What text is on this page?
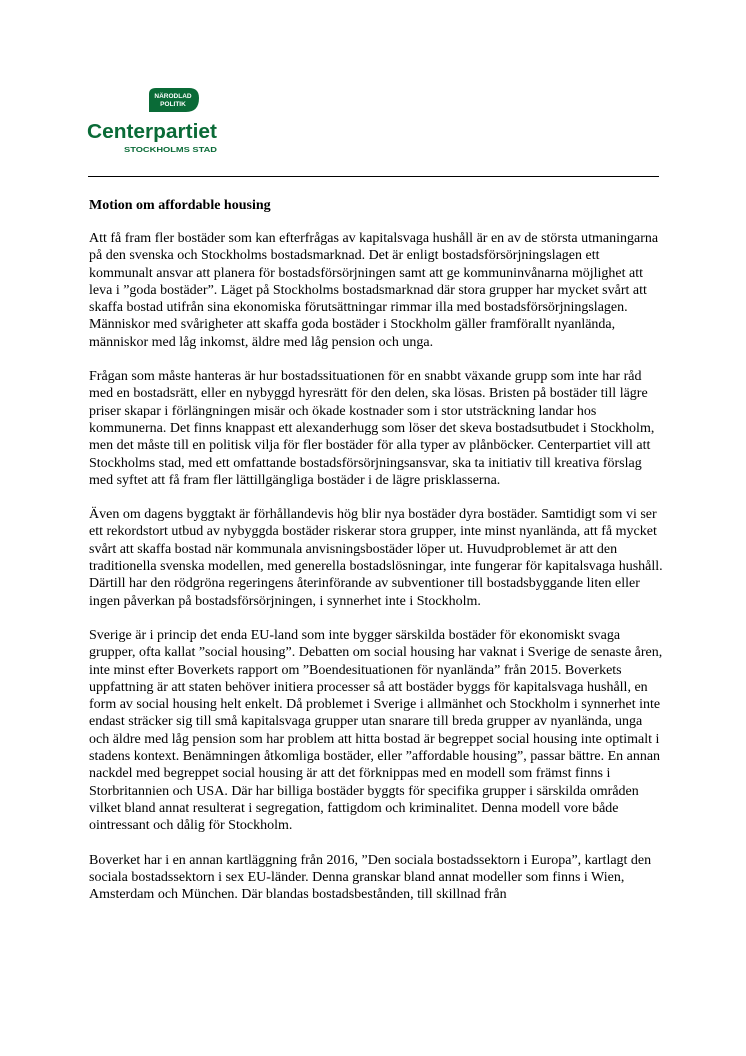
NÄRODLAD
POLITIK
Centerpartiet
STOCKHOLMS STAD
Motion om affordable housing

Att få fram fler bostäder som kan efterfrågas av kapitalsvaga hushåll är en av de största utmaningarna på den svenska och Stockholms bostadsmarknad. Det är enligt bostadsförsörjningslagen ett kommunalt ansvar att planera för bostadsförsörjningen samt att ge kommuninvånarna möjlighet att leva i ”goda bostäder”. Läget på Stockholms bostadsmarknad där stora grupper har mycket svårt att skaffa bostad utifrån sina ekonomiska förutsättningar rimmar illa med bostadsförsörjningslagen. Människor med svårigheter att skaffa goda bostäder i Stockholm gäller framförallt nyanlända, människor med låg inkomst, äldre med låg pension och unga.

Frågan som måste hanteras är hur bostadssituationen för en snabbt växande grupp som inte har råd med en bostadsrätt, eller en nybyggd hyresrätt för den delen, ska lösas. Bristen på bostäder till lägre priser skapar i förlängningen misär och ökade kostnader som i stor utsträckning landar hos kommunerna. Det finns knappast ett alexanderhugg som löser det skeva bostadsutbudet i Stockholm, men det måste till en politisk vilja för fler bostäder för alla typer av plånböcker. Centerpartiet vill att Stockholms stad, med ett omfattande bostadsförsörjningsansvar, ska ta initiativ till kreativa förslag med syftet att få fram fler lättillgängliga bostäder i de lägre prisklasserna.

Även om dagens byggtakt är förhållandevis hög blir nya bostäder dyra bostäder. Samtidigt som vi ser ett rekordstort utbud av nybyggda bostäder riskerar stora grupper, inte minst nyanlända, att få mycket svårt att skaffa bostad när kommunala anvisningsbostäder löper ut. Huvudproblemet är att den traditionella svenska modellen, med generella bostadslösningar, inte fungerar för kapitalsvaga hushåll. Därtill har den rödgröna regeringens återinförande av subventioner till bostadsbyggande liten eller ingen påverkan på bostadsförsörjningen, i synnerhet inte i Stockholm.

Sverige är i princip det enda EU-land som inte bygger särskilda bostäder för ekonomiskt svaga grupper, ofta kallat ”social housing”. Debatten om social housing har vaknat i Sverige de senaste åren, inte minst efter Boverkets rapport om ”Boendesituationen för nyanlända” från 2015. Boverkets uppfattning är att staten behöver initiera processer så att bostäder byggs för kapitalsvaga hushåll, en form av social housing helt enkelt. Då problemet i Sverige i allmänhet och Stockholm i synnerhet inte endast sträcker sig till små kapitalsvaga grupper utan snarare till breda grupper av nyanlända, unga och äldre med låg pension som har problem att hitta bostad är begreppet social housing inte optimalt i stadens kontext. Benämningen åtkomliga bostäder, eller ”affordable housing”, passar bättre. En annan nackdel med begreppet social housing är att det förknippas med en modell som främst finns i Storbritannien och USA. Där har billiga bostäder byggts för specifika grupper i särskilda områden vilket bland annat resulterat i segregation, fattigdom och kriminalitet. Denna modell vore både ointressant och dålig för Stockholm.

Boverket har i en annan kartläggning från 2016, ”Den sociala bostadssektorn i Europa”, kartlagt den sociala bostadssektorn i sex EU-länder. Denna granskar bland annat modeller som finns i Wien, Amsterdam och München. Där blandas bostadsbestånden, till skillnad från
